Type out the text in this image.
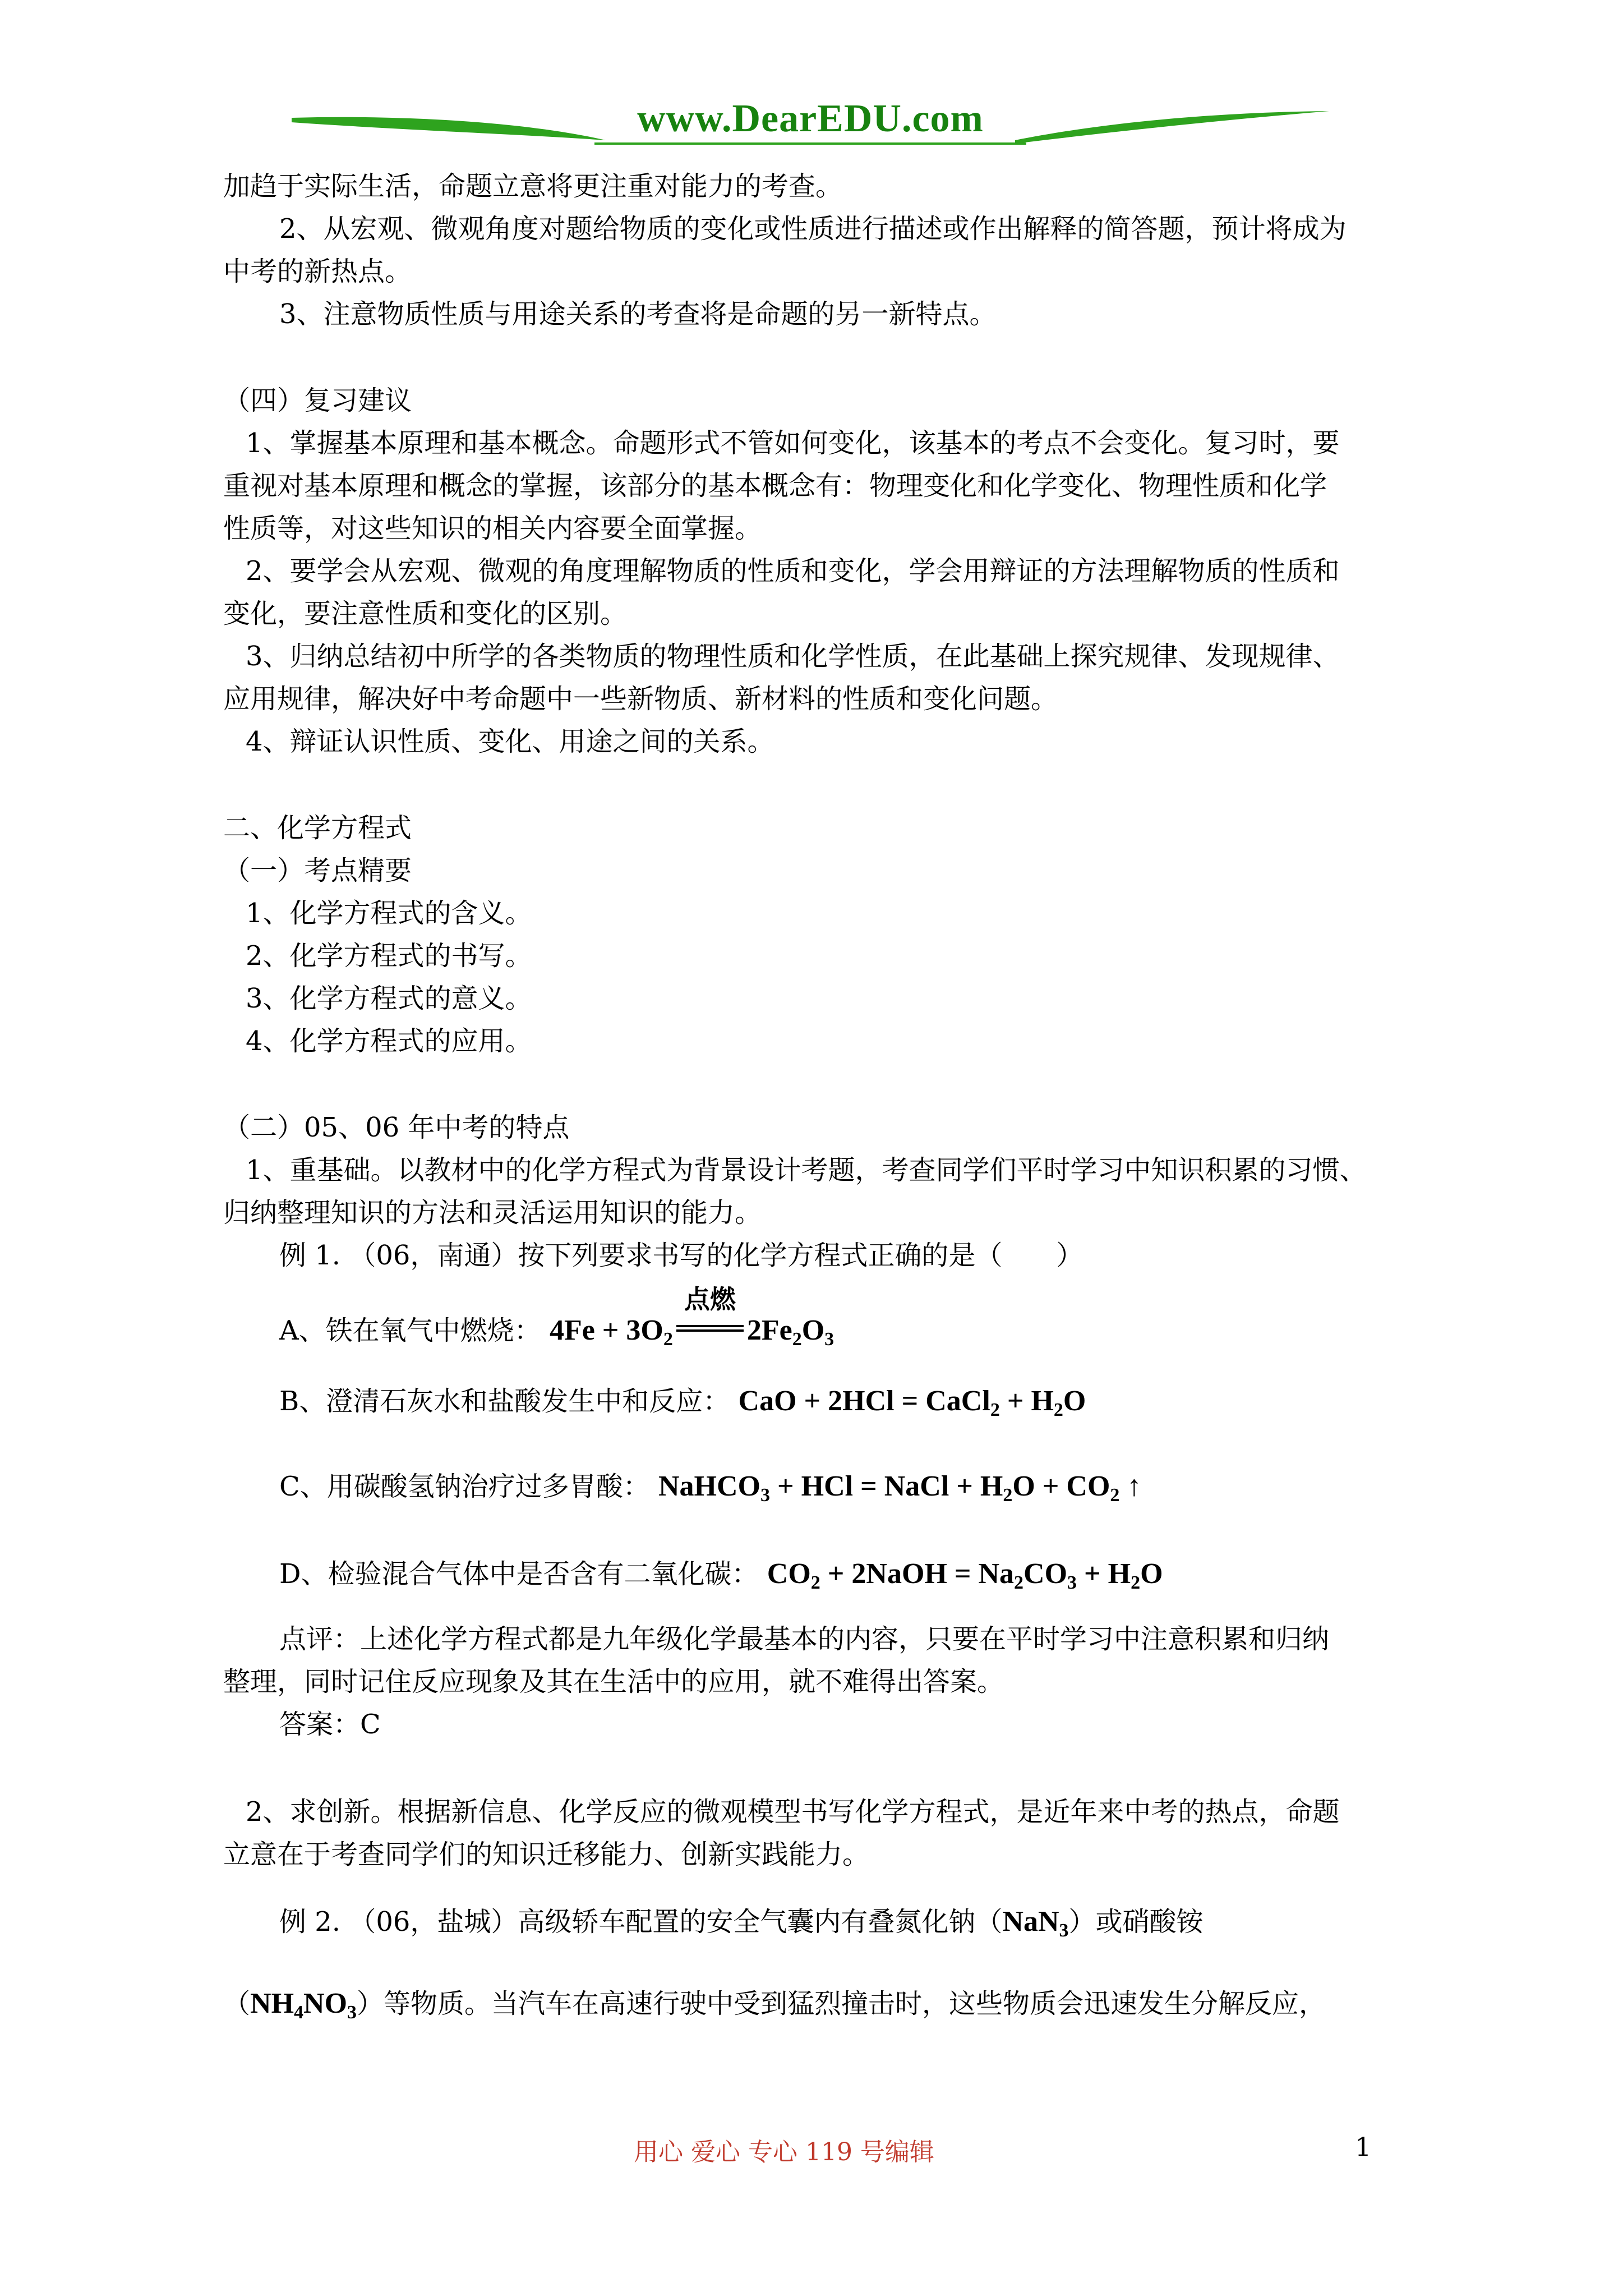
www.DearEDU.com
加趋于实际生活，命题立意将更注重对能力的考查。
2、从宏观、微观角度对题给物质的变化或性质进行描述或作出解释的简答题，预计将成为
中考的新热点。
3、注意物质性质与用途关系的考查将是命题的另一新特点。
（四）复习建议
1、掌握基本原理和基本概念。命题形式不管如何变化，该基本的考点不会变化。复习时，要
重视对基本原理和概念的掌握，该部分的基本概念有：物理变化和化学变化、物理性质和化学
性质等，对这些知识的相关内容要全面掌握。
2、要学会从宏观、微观的角度理解物质的性质和变化，学会用辩证的方法理解物质的性质和
变化，要注意性质和变化的区别。
3、归纳总结初中所学的各类物质的物理性质和化学性质，在此基础上探究规律、发现规律、
应用规律，解决好中考命题中一些新物质、新材料的性质和变化问题。
4、辩证认识性质、变化、用途之间的关系。
二、化学方程式
（一）考点精要
1、化学方程式的含义。
2、化学方程式的书写。
3、化学方程式的意义。
4、化学方程式的应用。
（二）05、06 年中考的特点
1、重基础。以教材中的化学方程式为背景设计考题，考查同学们平时学习中知识积累的习惯、
归纳整理知识的方法和灵活运用知识的能力。
例 1. （06，南通）按下列要求书写的化学方程式正确的是（　　）
A、铁在氧气中燃烧： $4Fe + 3O_2$
点燃
$2Fe_2O_3$
B、澄清石灰水和盐酸发生中和反应： CaO + 2HCl = CaCl$_2$ + $H_2O$
C、用碳酸氢钠治疗过多胃酸： NaHCO$_3$ + HCl = NaCl + $H_2O + CO_2$ ↑
D、检验混合气体中是否含有二氧化碳： $CO_2$ + 2NaOH = $Na_2CO_3 + H_2O$
点评：上述化学方程式都是九年级化学最基本的内容，只要在平时学习中注意积累和归纳
整理，同时记住反应现象及其在生活中的应用，就不难得出答案。
答案：C
2、求创新。根据新信息、化学反应的微观模型书写化学方程式，是近年来中考的热点，命题
立意在于考查同学们的知识迁移能力、创新实践能力。
例 2. （06，盐城）高级轿车配置的安全气囊内有叠氮化钠（NaN$_3$）或硝酸铵
$(NH_4NO_3)$等物质。当汽车在高速行驶中受到猛烈撞击时，这些物质会迅速发生分解反应，
用心 爱心 专心 119 号编辑	1
